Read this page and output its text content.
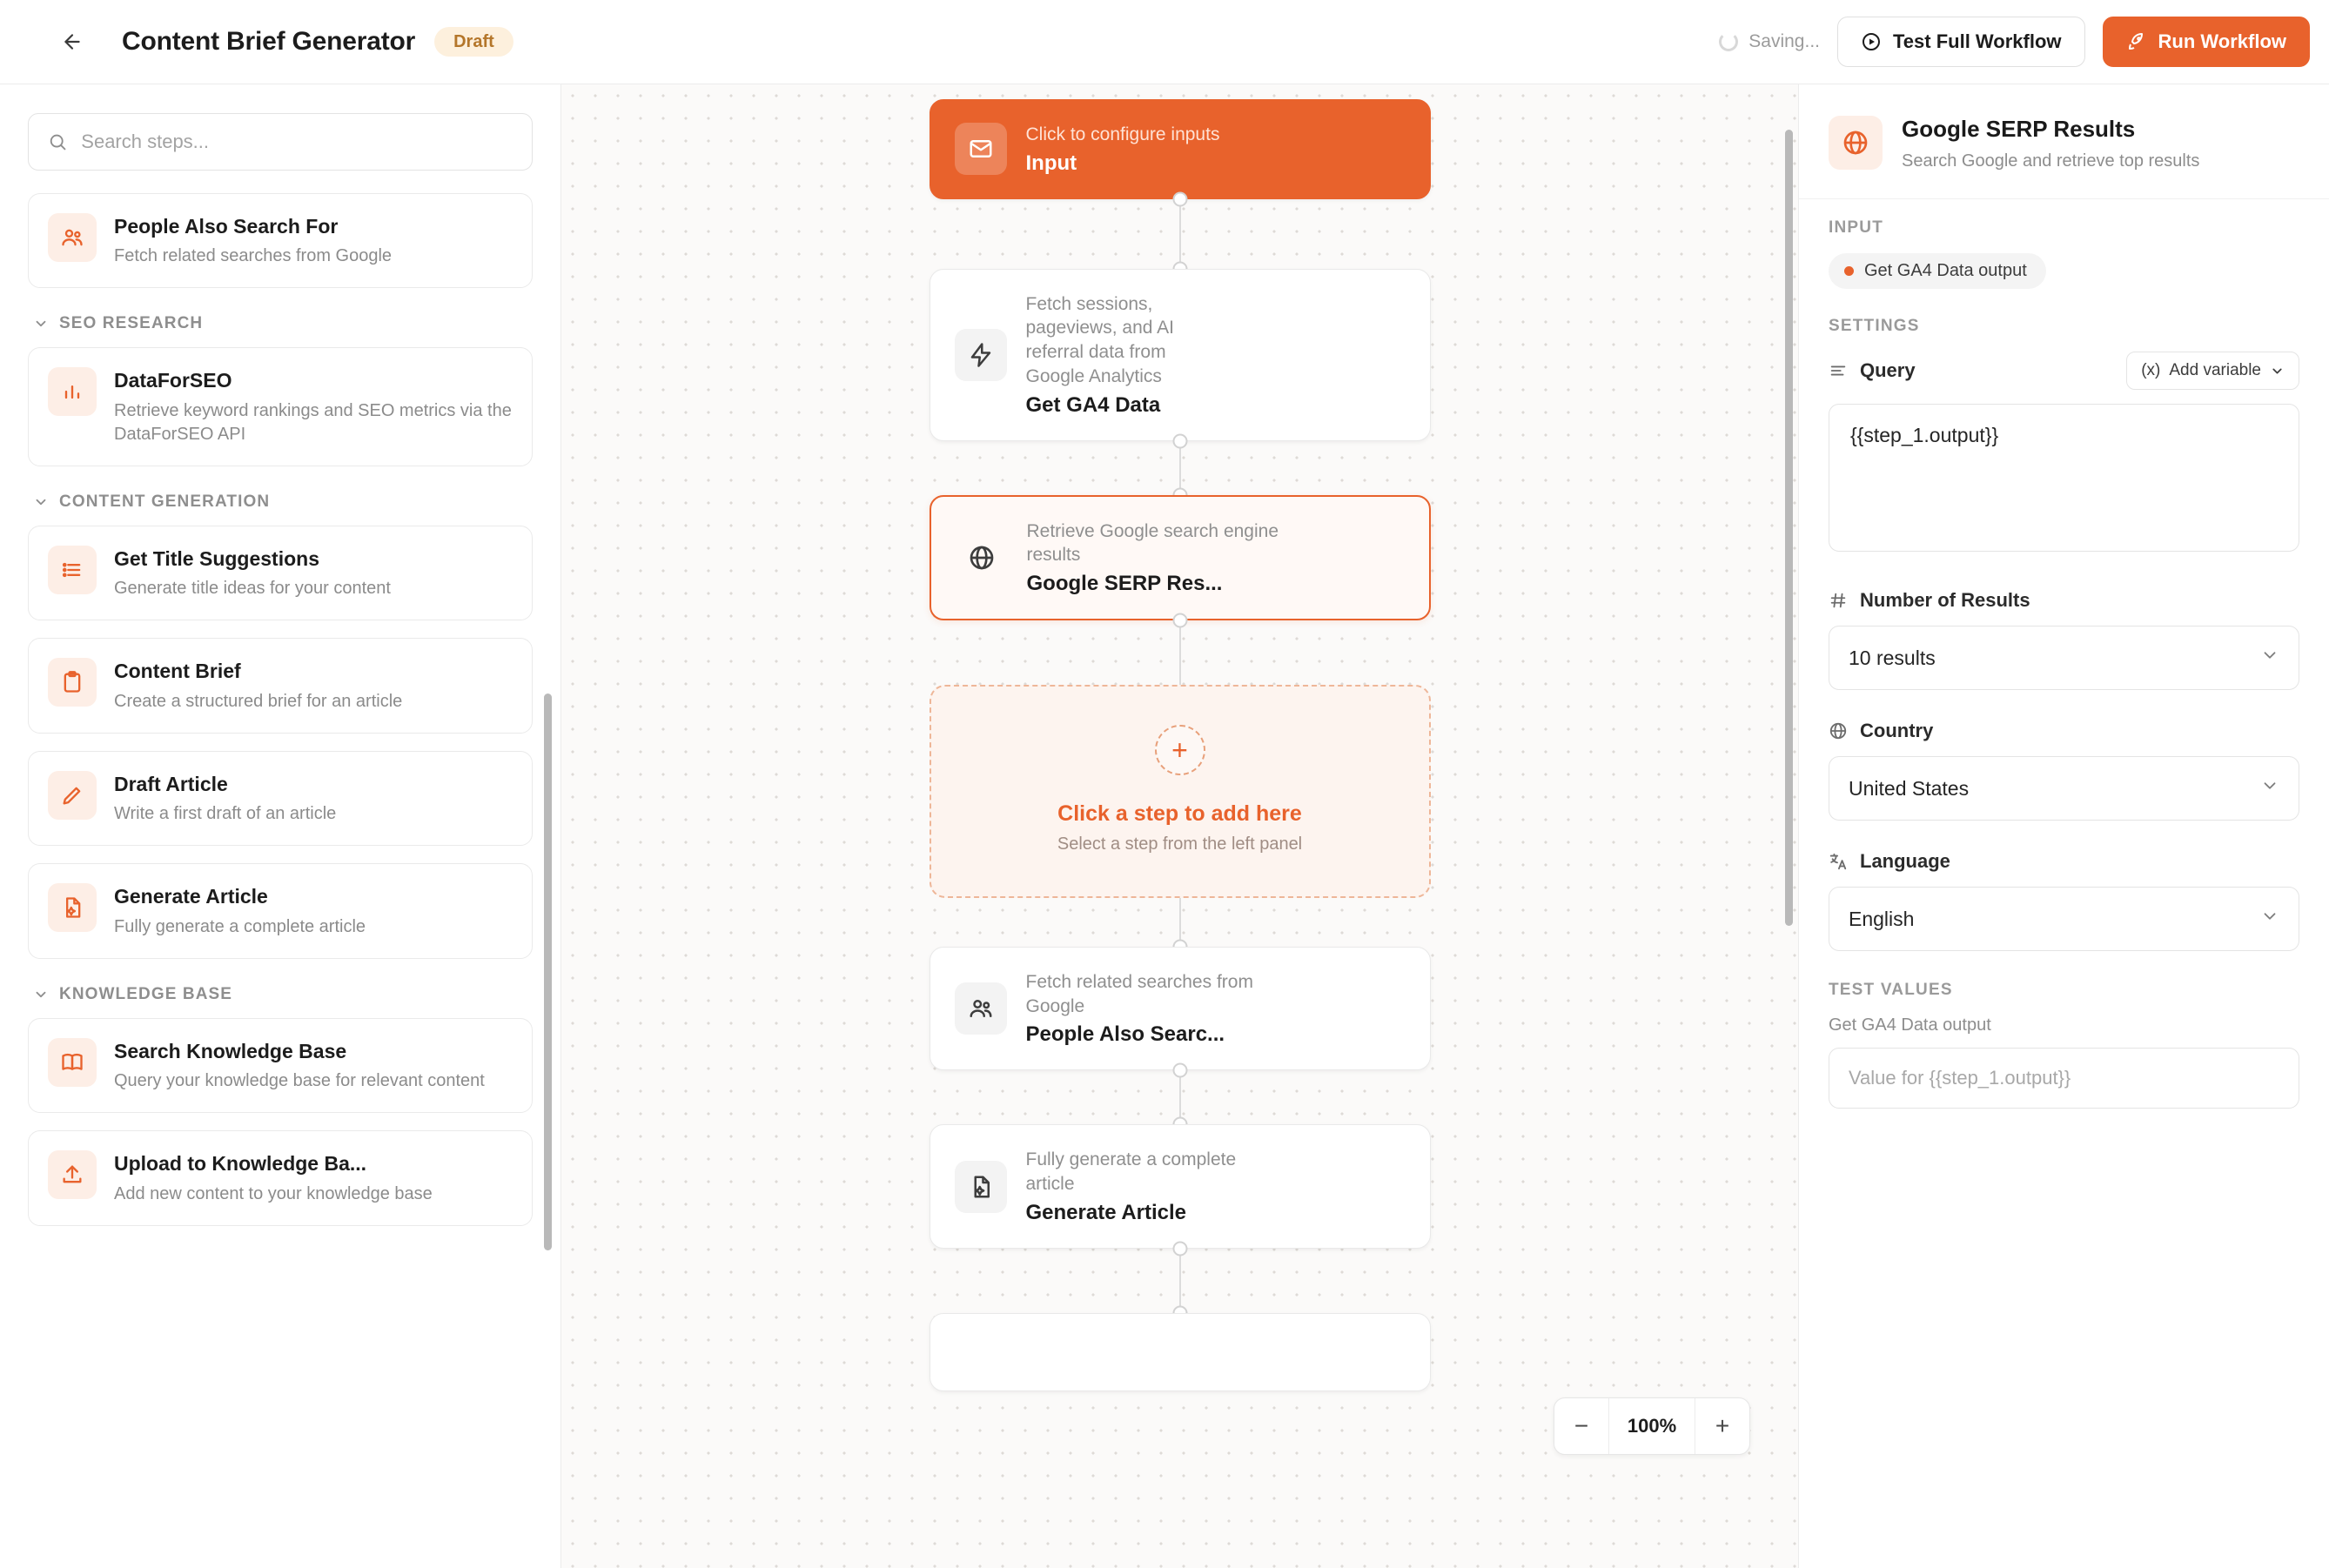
Content Brief Generator	Draft	Saving...	Test Full Workflow	Run Workflow
Search steps...
People Also Search For
Fetch related searches from Google
SEO RESEARCH
DataForSEO
Retrieve keyword rankings and SEO metrics via the DataForSEO API
CONTENT GENERATION
Get Title Suggestions
Generate title ideas for your content
Content Brief
Create a structured brief for an article
Draft Article
Write a first draft of an article
Generate Article
Fully generate a complete article
KNOWLEDGE BASE
Search Knowledge Base
Query your knowledge base for relevant content
Upload to Knowledge Ba...
Add new content to your knowledge base
Click to configure inputs
Input
Fetch sessions, pageviews, and AI referral data from Google Analytics
Get GA4 Data
Retrieve Google search engine results
Google SERP Res...
+
Click a step to add here
Select a step from the left panel
Fetch related searches from Google
People Also Searc...
Fully generate a complete article
Generate Article
−	100%	+
Google SERP Results
Search Google and retrieve top results
INPUT
Get GA4 Data output
SETTINGS
Query	(x) Add variable
{{step_1.output}}
Number of Results
10 results
Country
United States
Language
English
TEST VALUES
Get GA4 Data output
Value for {{step_1.output}}
